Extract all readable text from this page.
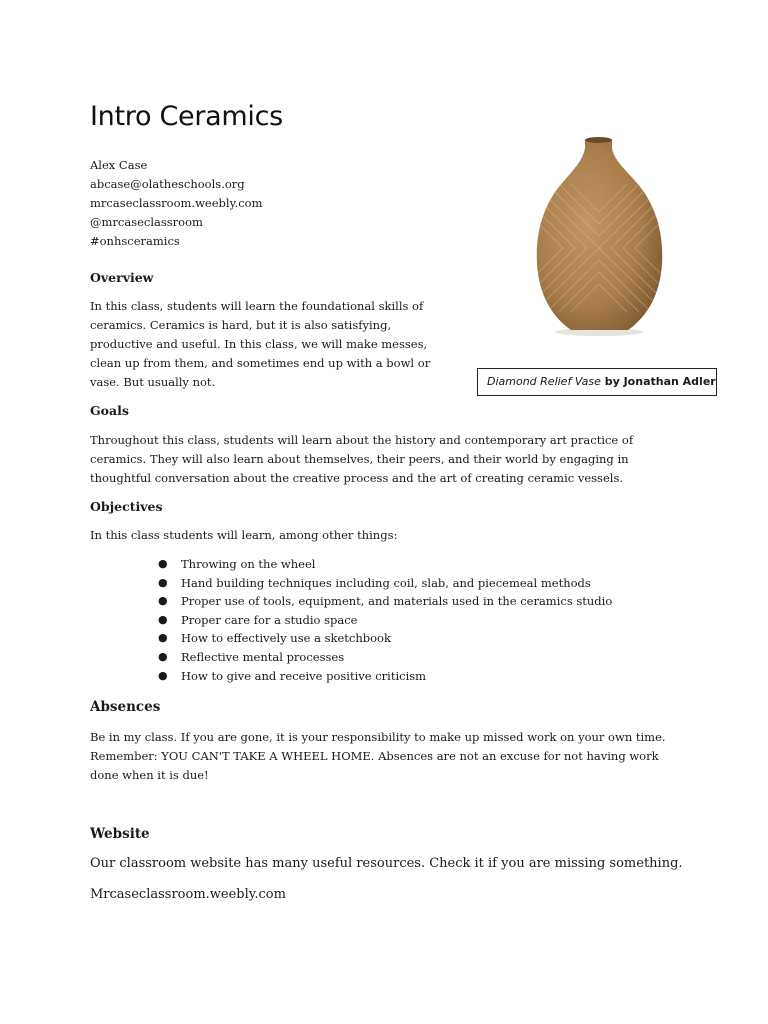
Intro Ceramics
Alex Case
abcase@olatheschools.org
mrcaseclassroom.weebly.com
@mrcaseclassroom
#onhsceramics
Overview

In this class, students will learn the foundational skills of ceramics. Ceramics is hard, but it is also satisfying, productive and useful. In this class, we will make messes, clean up from them, and sometimes end up with a bowl or vase. But usually not.

Goals

Throughout this class, students will learn about the history and contemporary art practice of ceramics. They will also learn about themselves, their peers, and their world by engaging in thoughtful conversation about the creative process and the art of creating ceramic vessels.

Objectives

In this class students will learn, among other things:

● Throwing on the wheel
● Hand building techniques including coil, slab, and piecemeal methods
● Proper use of tools, equipment, and materials used in the ceramics studio
● Proper care for a studio space
● How to effectively use a sketchbook
● Reflective mental processes
● How to give and receive positive criticism
Absences

Be in my class. If you are gone, it is your responsibility to make up missed work on your own time. Remember: YOU CAN'T TAKE A WHEEL HOME. Absences are not an excuse for not having work done when it is due!

Website

Our classroom website has many useful resources. Check it if you are missing something.

Mrcaseclassroom.weebly.com

Diamond Relief Vase by Jonathan Adler
